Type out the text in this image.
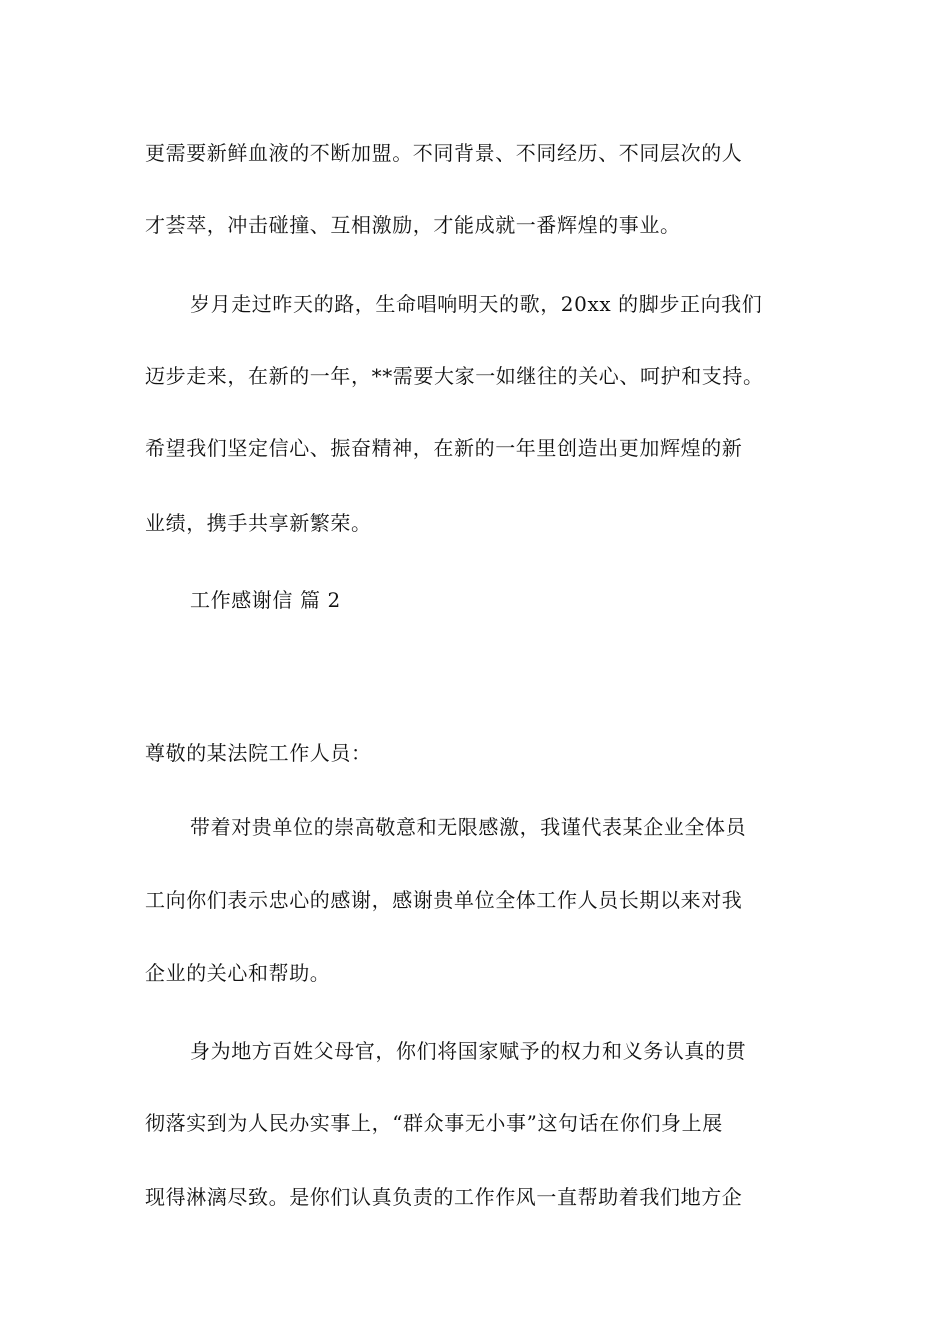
更需要新鲜血液的不断加盟。不同背景、不同经历、不同层次的人
才荟萃，冲击碰撞、互相激励，才能成就一番辉煌的事业。
岁月走过昨天的路，生命唱响明天的歌，20xx 的脚步正向我们
迈步走来，在新的一年，**需要大家一如继往的关心、呵护和支持。
希望我们坚定信心、振奋精神，在新的一年里创造出更加辉煌的新
业绩，携手共享新繁荣。
工作感谢信 篇 2
尊敬的某法院工作人员：
带着对贵单位的崇高敬意和无限感激，我谨代表某企业全体员
工向你们表示忠心的感谢，感谢贵单位全体工作人员长期以来对我
企业的关心和帮助。
身为地方百姓父母官，你们将国家赋予的权力和义务认真的贯
彻落实到为人民办实事上，“群众事无小事”这句话在你们身上展
现得淋漓尽致。是你们认真负责的工作作风一直帮助着我们地方企
